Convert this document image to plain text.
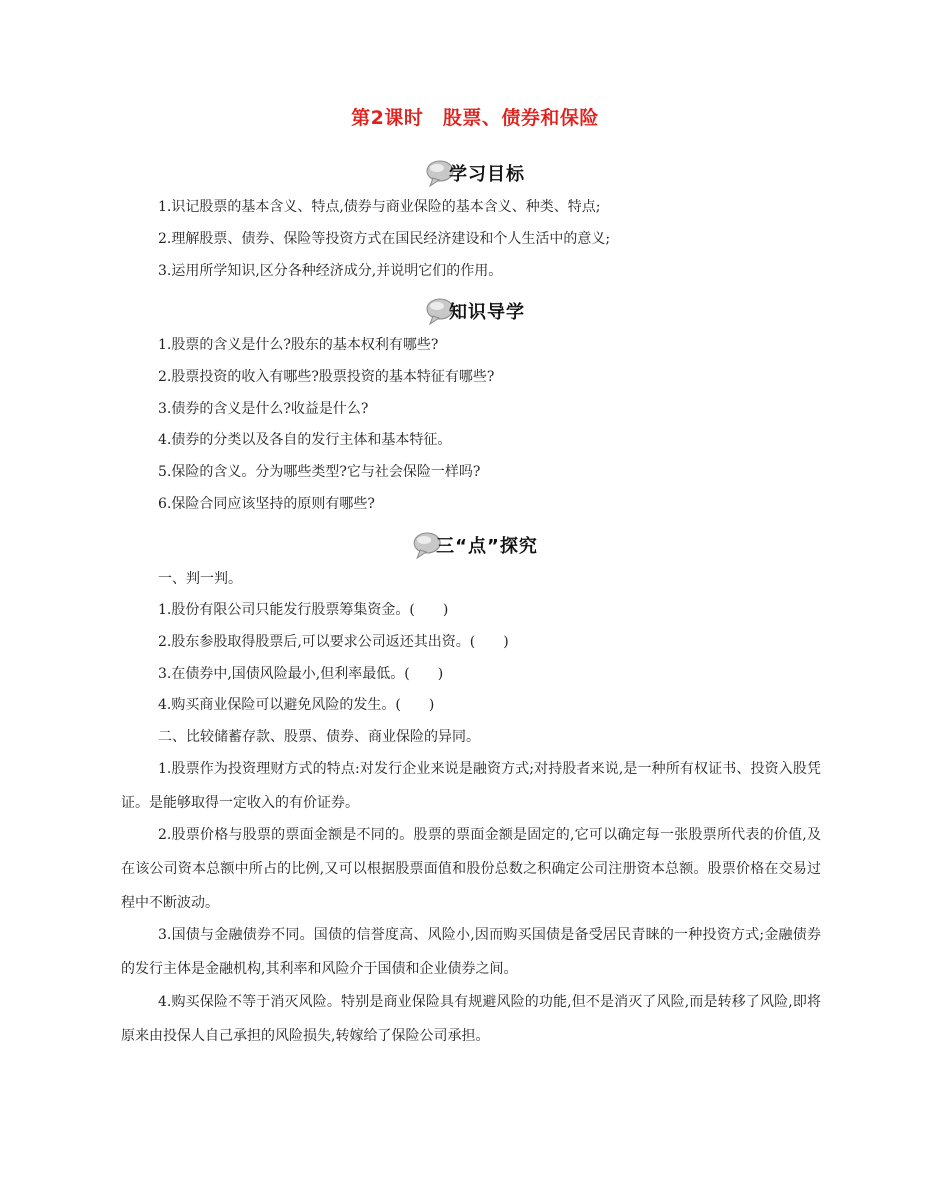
第2课时　股票、债券和保险
学习目标
1.识记股票的基本含义、特点,债券与商业保险的基本含义、种类、特点;
2.理解股票、债券、保险等投资方式在国民经济建设和个人生活中的意义;
3.运用所学知识,区分各种经济成分,并说明它们的作用。
知识导学
1.股票的含义是什么?股东的基本权利有哪些?
2.股票投资的收入有哪些?股票投资的基本特征有哪些?
3.债券的含义是什么?收益是什么?
4.债券的分类以及各自的发行主体和基本特征。
5.保险的含义。分为哪些类型?它与社会保险一样吗?
6.保险合同应该坚持的原则有哪些?
三“点”探究
一、判一判。
1.股份有限公司只能发行股票筹集资金。(　　)
2.股东参股取得股票后,可以要求公司返还其出资。(　　)
3.在债券中,国债风险最小,但利率最低。(　　)
4.购买商业保险可以避免风险的发生。(　　)
二、比较储蓄存款、股票、债券、商业保险的异同。
1.股票作为投资理财方式的特点:对发行企业来说是融资方式;对持股者来说,是一种所有权证书、投资入股凭证。是能够取得一定收入的有价证券。
2.股票价格与股票的票面金额是不同的。股票的票面金额是固定的,它可以确定每一张股票所代表的价值,及在该公司资本总额中所占的比例,又可以根据股票面值和股份总数之积确定公司注册资本总额。股票价格在交易过程中不断波动。
3.国债与金融债券不同。国债的信誉度高、风险小,因而购买国债是备受居民青睐的一种投资方式;金融债券的发行主体是金融机构,其利率和风险介于国债和企业债券之间。
4.购买保险不等于消灭风险。特别是商业保险具有规避风险的功能,但不是消灭了风险,而是转移了风险,即将原来由投保人自己承担的风险损失,转嫁给了保险公司承担。
